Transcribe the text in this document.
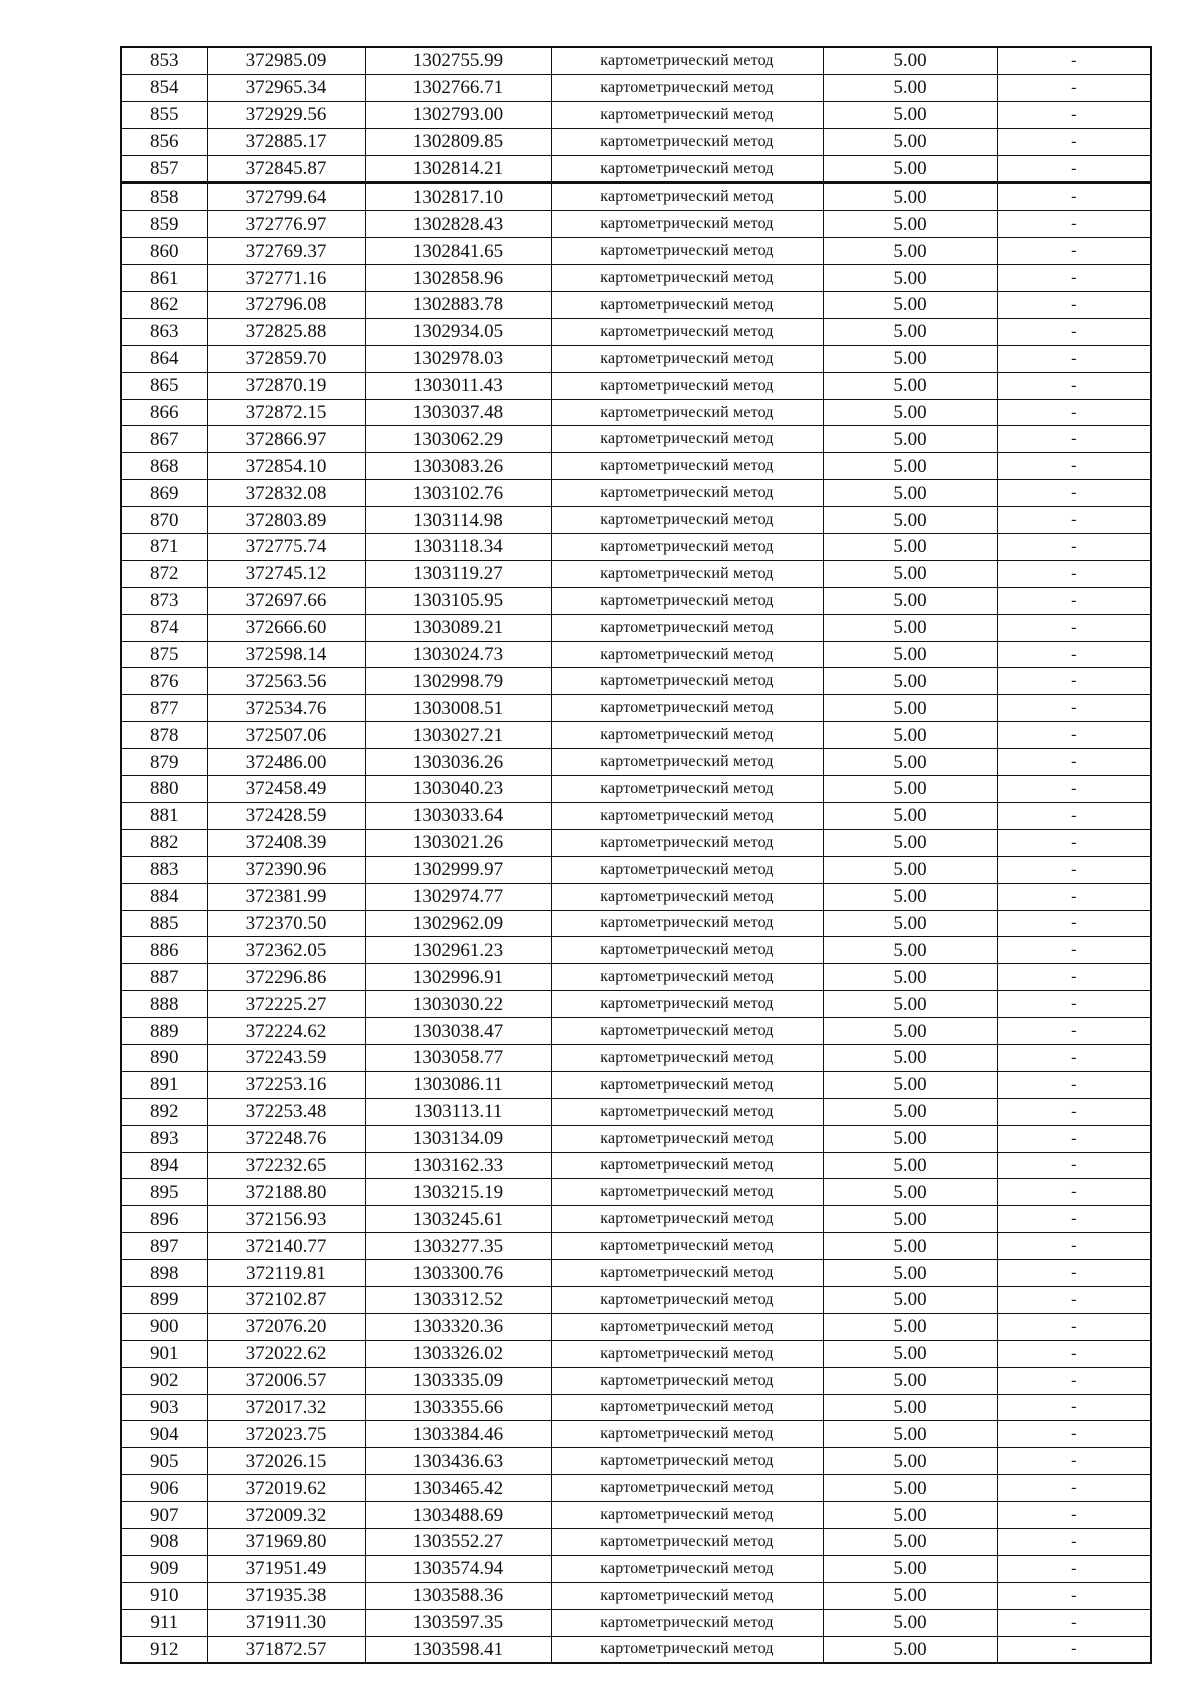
853	372985.09	1302755.99	картометрический метод	5.00	-
854	372965.34	1302766.71	картометрический метод	5.00	-
855	372929.56	1302793.00	картометрический метод	5.00	-
856	372885.17	1302809.85	картометрический метод	5.00	-
857	372845.87	1302814.21	картометрический метод	5.00	-
858	372799.64	1302817.10	картометрический метод	5.00	-
859	372776.97	1302828.43	картометрический метод	5.00	-
860	372769.37	1302841.65	картометрический метод	5.00	-
861	372771.16	1302858.96	картометрический метод	5.00	-
862	372796.08	1302883.78	картометрический метод	5.00	-
863	372825.88	1302934.05	картометрический метод	5.00	-
864	372859.70	1302978.03	картометрический метод	5.00	-
865	372870.19	1303011.43	картометрический метод	5.00	-
866	372872.15	1303037.48	картометрический метод	5.00	-
867	372866.97	1303062.29	картометрический метод	5.00	-
868	372854.10	1303083.26	картометрический метод	5.00	-
869	372832.08	1303102.76	картометрический метод	5.00	-
870	372803.89	1303114.98	картометрический метод	5.00	-
871	372775.74	1303118.34	картометрический метод	5.00	-
872	372745.12	1303119.27	картометрический метод	5.00	-
873	372697.66	1303105.95	картометрический метод	5.00	-
874	372666.60	1303089.21	картометрический метод	5.00	-
875	372598.14	1303024.73	картометрический метод	5.00	-
876	372563.56	1302998.79	картометрический метод	5.00	-
877	372534.76	1303008.51	картометрический метод	5.00	-
878	372507.06	1303027.21	картометрический метод	5.00	-
879	372486.00	1303036.26	картометрический метод	5.00	-
880	372458.49	1303040.23	картометрический метод	5.00	-
881	372428.59	1303033.64	картометрический метод	5.00	-
882	372408.39	1303021.26	картометрический метод	5.00	-
883	372390.96	1302999.97	картометрический метод	5.00	-
884	372381.99	1302974.77	картометрический метод	5.00	-
885	372370.50	1302962.09	картометрический метод	5.00	-
886	372362.05	1302961.23	картометрический метод	5.00	-
887	372296.86	1302996.91	картометрический метод	5.00	-
888	372225.27	1303030.22	картометрический метод	5.00	-
889	372224.62	1303038.47	картометрический метод	5.00	-
890	372243.59	1303058.77	картометрический метод	5.00	-
891	372253.16	1303086.11	картометрический метод	5.00	-
892	372253.48	1303113.11	картометрический метод	5.00	-
893	372248.76	1303134.09	картометрический метод	5.00	-
894	372232.65	1303162.33	картометрический метод	5.00	-
895	372188.80	1303215.19	картометрический метод	5.00	-
896	372156.93	1303245.61	картометрический метод	5.00	-
897	372140.77	1303277.35	картометрический метод	5.00	-
898	372119.81	1303300.76	картометрический метод	5.00	-
899	372102.87	1303312.52	картометрический метод	5.00	-
900	372076.20	1303320.36	картометрический метод	5.00	-
901	372022.62	1303326.02	картометрический метод	5.00	-
902	372006.57	1303335.09	картометрический метод	5.00	-
903	372017.32	1303355.66	картометрический метод	5.00	-
904	372023.75	1303384.46	картометрический метод	5.00	-
905	372026.15	1303436.63	картометрический метод	5.00	-
906	372019.62	1303465.42	картометрический метод	5.00	-
907	372009.32	1303488.69	картометрический метод	5.00	-
908	371969.80	1303552.27	картометрический метод	5.00	-
909	371951.49	1303574.94	картометрический метод	5.00	-
910	371935.38	1303588.36	картометрический метод	5.00	-
911	371911.30	1303597.35	картометрический метод	5.00	-
912	371872.57	1303598.41	картометрический метод	5.00	-
